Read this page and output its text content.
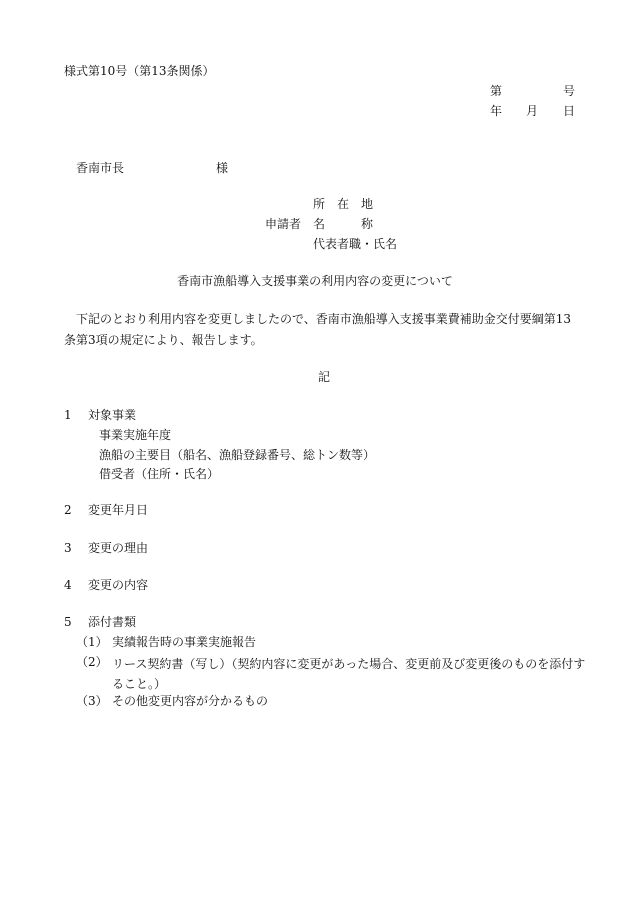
様式第10号（第13条関係）
第	号
年 月 日
香南市長	様
所　在　地
申請者 名　　　称
代表者職・氏名
香南市漁船導入支援事業の利用内容の変更について
下記のとおり利用内容を変更しましたので、香南市漁船導入支援事業費補助金交付要綱第13条第3項の規定により、報告します。
記
1 対象事業
事業実施年度
漁船の主要目（船名、漁船登録番号、総トン数等）
借受者（住所・氏名）
2 変更年月日
3 変更の理由
4 変更の内容
5 添付書類
（1） 実績報告時の事業実施報告
（2） リース契約書（写し）（契約内容に変更があった場合、変更前及び変更後のものを添付すること。）
（3） その他変更内容が分かるもの
